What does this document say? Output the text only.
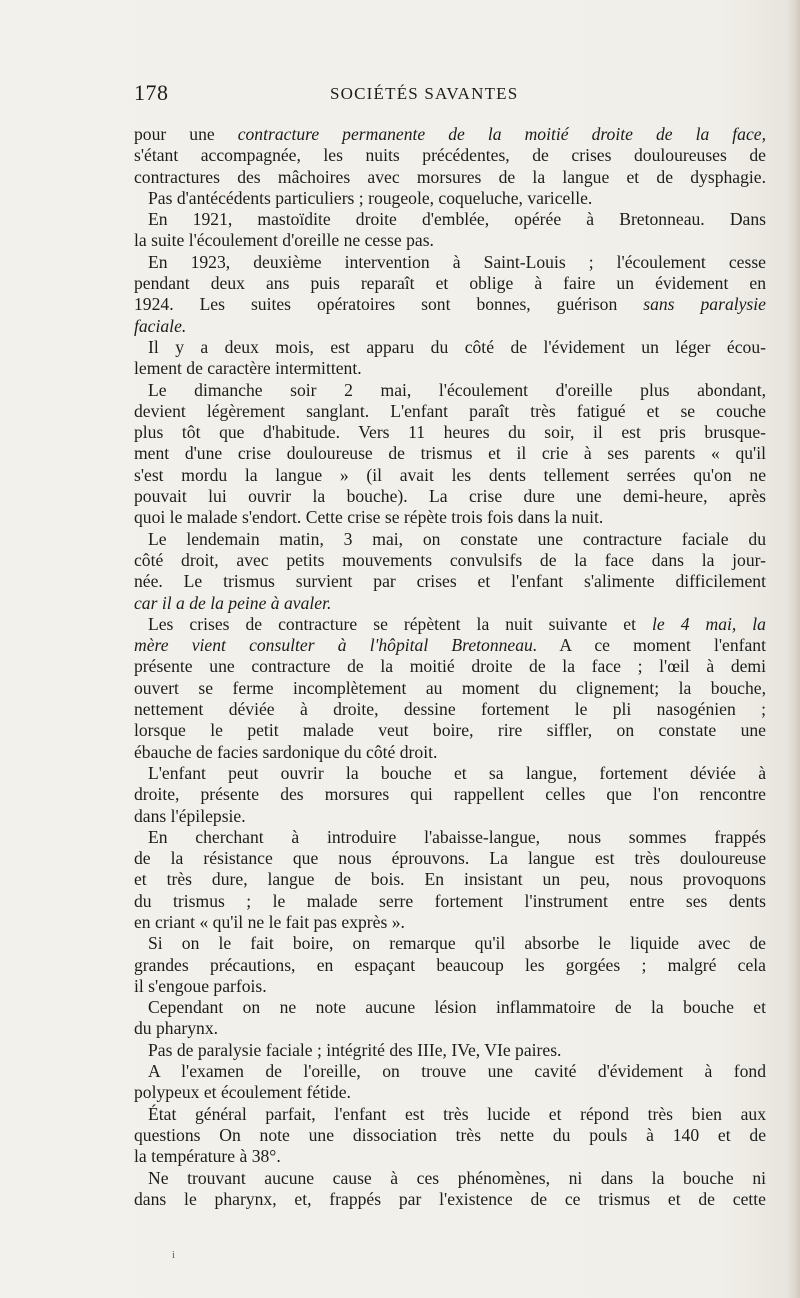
178	SOCIÉTÉS SAVANTES
pour une contracture permanente de la moitié droite de la face,
s'étant accompagnée, les nuits précédentes, de crises douloureuses de
contractures des mâchoires avec morsures de la langue et de dysphagie.
Pas d'antécédents particuliers ; rougeole, coqueluche, varicelle.
En 1921, mastoïdite droite d'emblée, opérée à Bretonneau. Dans
la suite l'écoulement d'oreille ne cesse pas.
En 1923, deuxième intervention à Saint-Louis ; l'écoulement cesse
pendant deux ans puis reparaît et oblige à faire un évidement en
1924. Les suites opératoires sont bonnes, guérison sans paralysie
faciale.
Il y a deux mois, est apparu du côté de l'évidement un léger écou-
lement de caractère intermittent.
Le dimanche soir 2 mai, l'écoulement d'oreille plus abondant,
devient légèrement sanglant. L'enfant paraît très fatigué et se couche
plus tôt que d'habitude. Vers 11 heures du soir, il est pris brusque-
ment d'une crise douloureuse de trismus et il crie à ses parents « qu'il
s'est mordu la langue » (il avait les dents tellement serrées qu'on ne
pouvait lui ouvrir la bouche). La crise dure une demi-heure, après
quoi le malade s'endort. Cette crise se répète trois fois dans la nuit.
Le lendemain matin, 3 mai, on constate une contracture faciale du
côté droit, avec petits mouvements convulsifs de la face dans la jour-
née. Le trismus survient par crises et l'enfant s'alimente difficilement
car il a de la peine à avaler.
Les crises de contracture se répètent la nuit suivante et le 4 mai, la
mère vient consulter à l'hôpital Bretonneau. A ce moment l'enfant
présente une contracture de la moitié droite de la face ; l'œil à demi
ouvert se ferme incomplètement au moment du clignement; la bouche,
nettement déviée à droite, dessine fortement le pli nasogénien ;
lorsque le petit malade veut boire, rire siffler, on constate une
ébauche de facies sardonique du côté droit.
L'enfant peut ouvrir la bouche et sa langue, fortement déviée à
droite, présente des morsures qui rappellent celles que l'on rencontre
dans l'épilepsie.
En cherchant à introduire l'abaisse-langue, nous sommes frappés
de la résistance que nous éprouvons. La langue est très douloureuse
et très dure, langue de bois. En insistant un peu, nous provoquons
du trismus ; le malade serre fortement l'instrument entre ses dents
en criant « qu'il ne le fait pas exprès ».
Si on le fait boire, on remarque qu'il absorbe le liquide avec de
grandes précautions, en espaçant beaucoup les gorgées ; malgré cela
il s'engoue parfois.
Cependant on ne note aucune lésion inflammatoire de la bouche et
du pharynx.
Pas de paralysie faciale ; intégrité des IIIe, IVe, VIe paires.
A l'examen de l'oreille, on trouve une cavité d'évidement à fond
polypeux et écoulement fétide.
État général parfait, l'enfant est très lucide et répond très bien aux
questions On note une dissociation très nette du pouls à 140 et de
la température à 38°.
Ne trouvant aucune cause à ces phénomènes, ni dans la bouche ni
dans le pharynx, et, frappés par l'existence de ce trismus et de cette
i
